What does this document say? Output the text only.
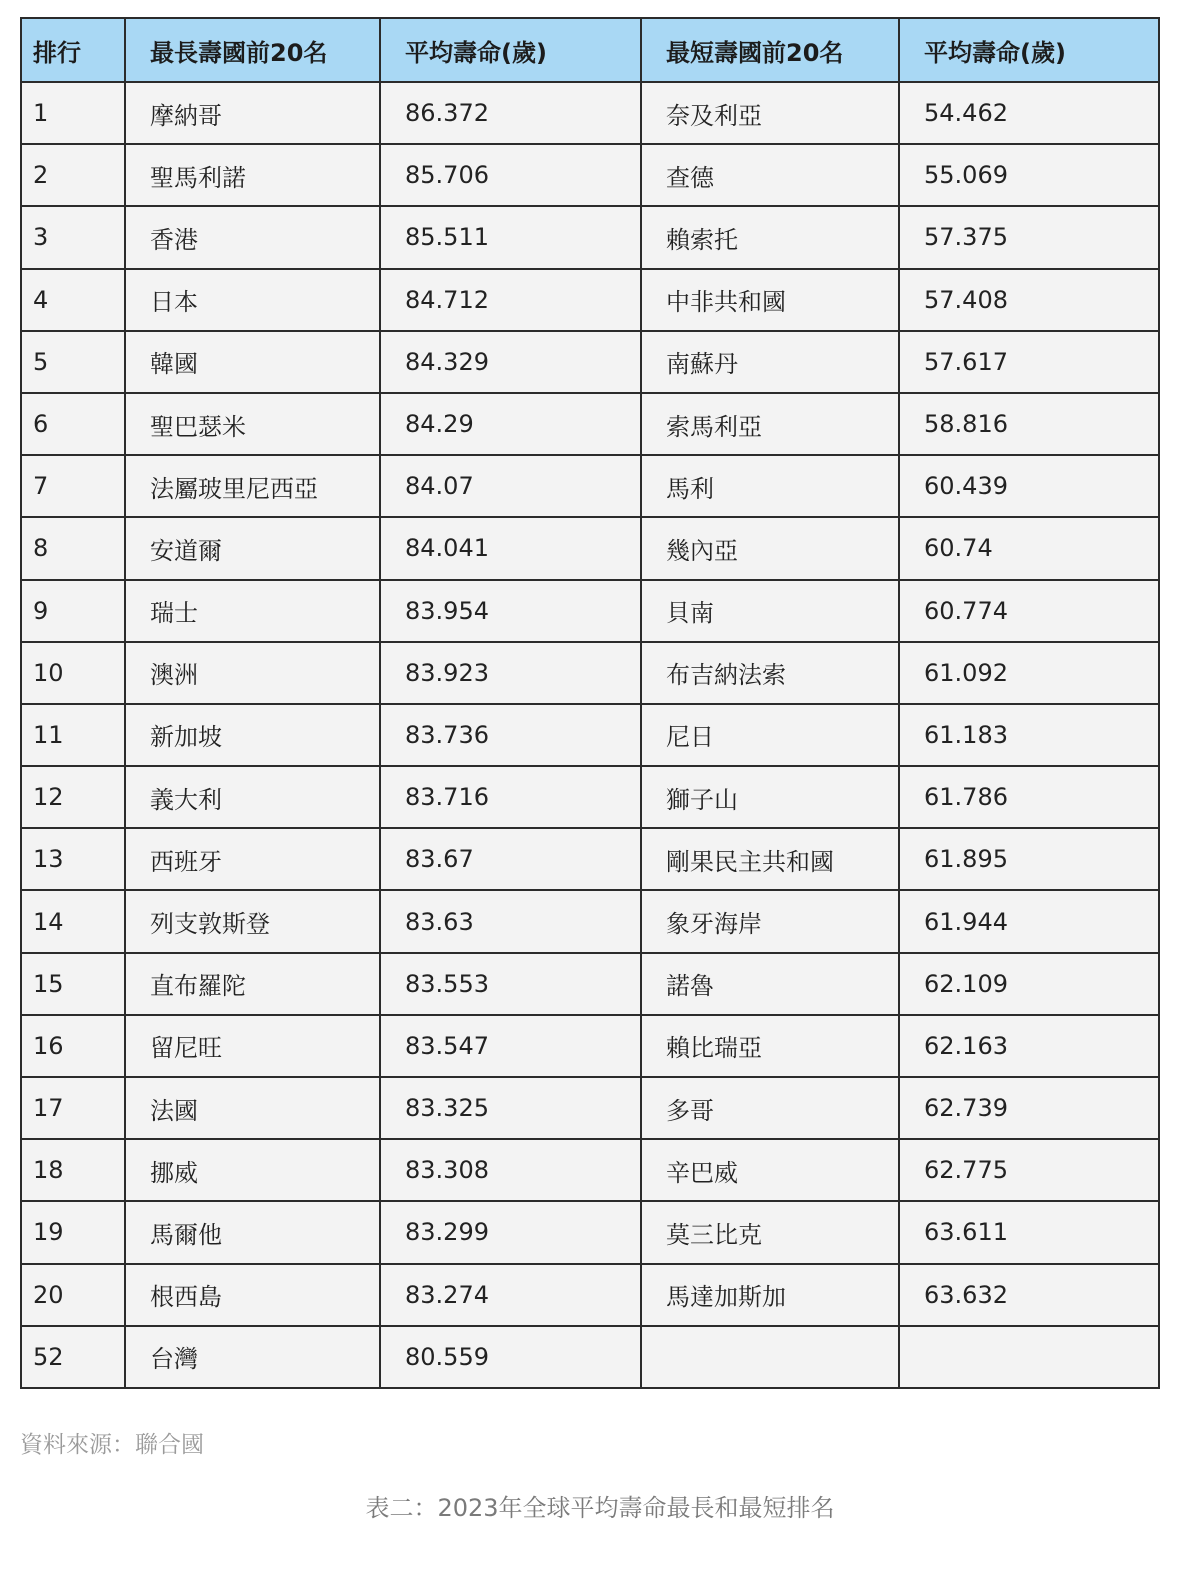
排行	最長壽國前20名	平均壽命(歲)	最短壽國前20名	平均壽命(歲)
1	摩納哥	86.372	奈及利亞	54.462
2	聖馬利諾	85.706	查德	55.069
3	香港	85.511	賴索托	57.375
4	日本	84.712	中非共和國	57.408
5	韓國	84.329	南蘇丹	57.617
6	聖巴瑟米	84.29	索馬利亞	58.816
7	法屬玻里尼西亞	84.07	馬利	60.439
8	安道爾	84.041	幾內亞	60.74
9	瑞士	83.954	貝南	60.774
10	澳洲	83.923	布吉納法索	61.092
11	新加坡	83.736	尼日	61.183
12	義大利	83.716	獅子山	61.786
13	西班牙	83.67	剛果民主共和國	61.895
14	列支敦斯登	83.63	象牙海岸	61.944
15	直布羅陀	83.553	諾魯	62.109
16	留尼旺	83.547	賴比瑞亞	62.163
17	法國	83.325	多哥	62.739
18	挪威	83.308	辛巴威	62.775
19	馬爾他	83.299	莫三比克	63.611
20	根西島	83.274	馬達加斯加	63.632
52	台灣	80.559		
資料來源：聯合國
表二：2023年全球平均壽命最長和最短排名
